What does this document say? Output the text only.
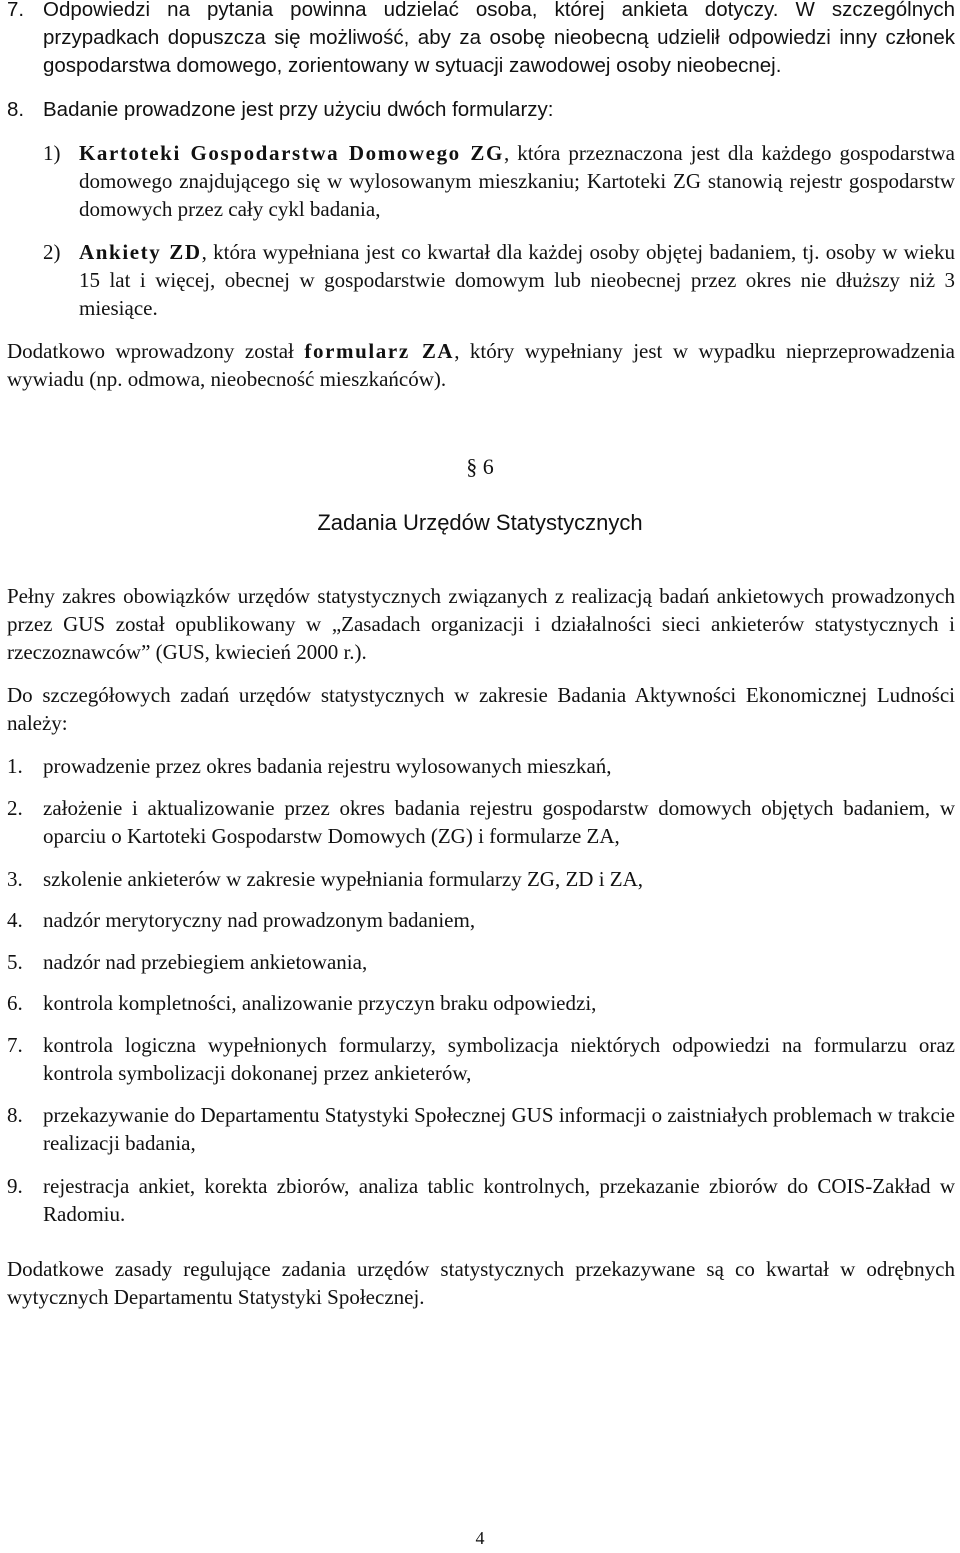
7. Odpowiedzi na pytania powinna udzielać osoba, której ankieta dotyczy. W szczególnych przypadkach dopuszcza się możliwość, aby za osobę nieobecną udzielił odpowiedzi inny członek gospodarstwa domowego, zorientowany w sytuacji zawodowej osoby nieobecnej.
8. Badanie prowadzone jest przy użyciu dwóch formularzy:
1) Kartoteki Gospodarstwa Domowego ZG, która przeznaczona jest dla każdego gospodarstwa domowego znajdującego się w wylosowanym mieszkaniu; Kartoteki ZG stanowią rejestr gospodarstw domowych przez cały cykl badania,
2) Ankiety ZD, która wypełniana jest co kwartał dla każdej osoby objętej badaniem, tj. osoby w wieku 15 lat i więcej, obecnej w gospodarstwie domowym lub nieobecnej przez okres nie dłuższy niż 3 miesiące.
Dodatkowo wprowadzony został formularz ZA, który wypełniany jest w wypadku nieprzeprowadzenia wywiadu (np. odmowa, nieobecność mieszkańców).
§ 6
Zadania Urzędów Statystycznych
Pełny zakres obowiązków urzędów statystycznych związanych z realizacją badań ankietowych prowadzonych przez GUS został opublikowany w „Zasadach organizacji i działalności sieci ankieterów statystycznych i rzeczoznawców” (GUS, kwiecień 2000 r.).
Do szczegółowych zadań urzędów statystycznych w zakresie Badania Aktywności Ekonomicznej Ludności należy:
1. prowadzenie przez okres badania rejestru wylosowanych mieszkań,
2. założenie i aktualizowanie przez okres badania rejestru gospodarstw domowych objętych badaniem, w oparciu o Kartoteki Gospodarstw Domowych (ZG) i formularze ZA,
3. szkolenie ankieterów w zakresie wypełniania formularzy ZG, ZD i ZA,
4. nadzór merytoryczny nad prowadzonym badaniem,
5. nadzór nad przebiegiem ankietowania,
6. kontrola kompletności, analizowanie przyczyn braku odpowiedzi,
7. kontrola logiczna wypełnionych formularzy, symbolizacja niektórych odpowiedzi na formularzu oraz kontrola symbolizacji dokonanej przez ankieterów,
8. przekazywanie do Departamentu Statystyki Społecznej GUS informacji o zaistniałych problemach w trakcie realizacji badania,
9. rejestracja ankiet, korekta zbiorów, analiza tablic kontrolnych, przekazanie zbiorów do COIS-Zakład w Radomiu.
Dodatkowe zasady regulujące zadania urzędów statystycznych przekazywane są co kwartał w odrębnych wytycznych Departamentu Statystyki Społecznej.
4
